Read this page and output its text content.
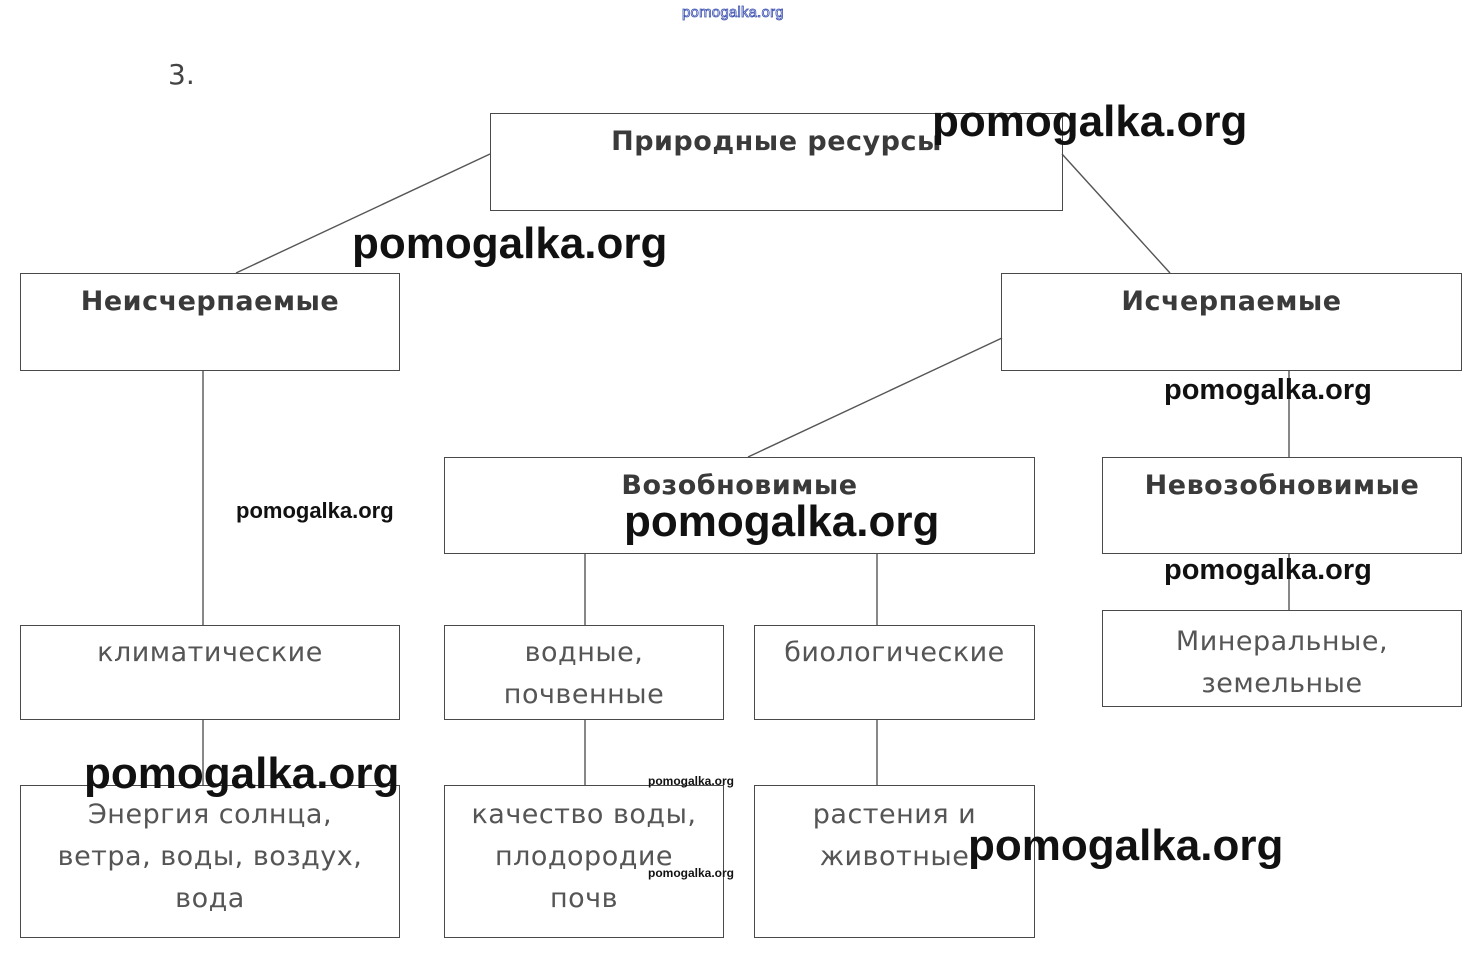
pomogalka.org
3.
Природные ресурсы
Неисчерпаемые	Исчерпаемые
Возобновимые	Невозобновимые
климатические	водные,
почвенные
биологические	Минеральные,
земельные
Энергия солнца,
ветра, воды, воздух,
вода
качество воды,
плодородие
почв
растения и
животные
pomogalka.org
pomogalka.org
pomogalka.org
pomogalka.org	pomogalka.org
pomogalka.org
pomogalka.org	pomogalka.org
pomogalka.org
pomogalka.org
